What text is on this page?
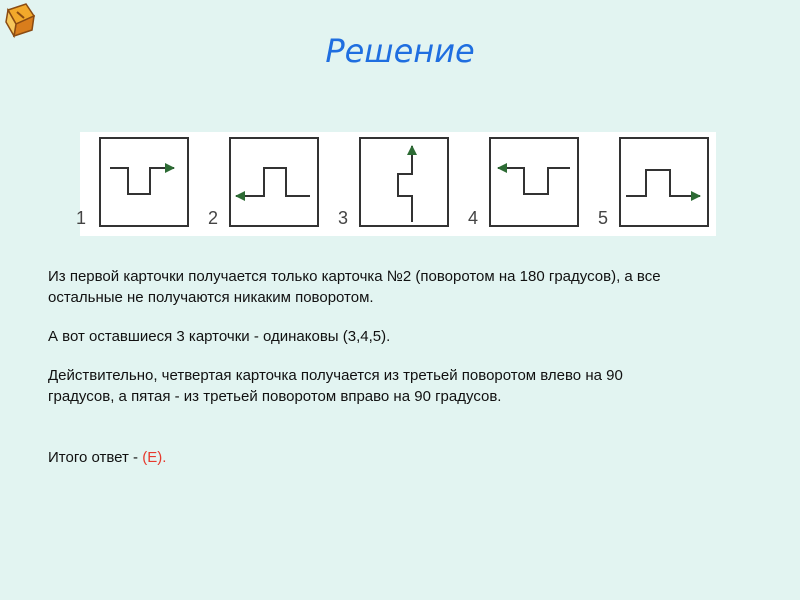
Решение
1	2	3	4	5

Из первой карточки получается только карточка №2 (поворотом на 180 градусов), а все остальные не получаются никаким поворотом.

А вот оставшиеся 3 карточки - одинаковы (3,4,5).

Действительно, четвертая карточка получается из третьей поворотом влево на 90 градусов, а пятая - из третьей поворотом вправо на 90 градусов.

Итого ответ - (Е).
